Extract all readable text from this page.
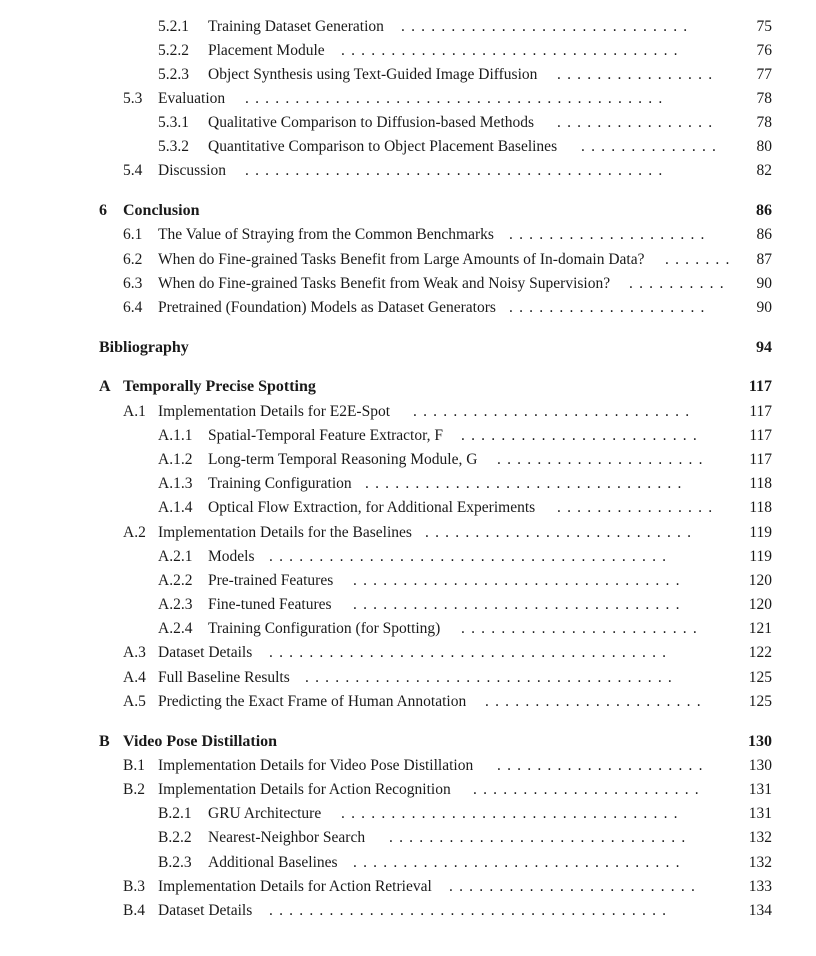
5.2.1 Training Dataset Generation	75
.  .  .  .  .  .  .  .  .  .  .  .  .  .  .  .  .  .  .  .  .  .  .  .  .  .  .  .  .  
5.2.2 Placement Module	76
.  .  .  .  .  .  .  .  .  .  .  .  .  .  .  .  .  .  .  .  .  .  .  .  .  .  .  .  .  .  .  .  .  .  
5.2.3 Object Synthesis using Text-Guided Image Diffusion	77
.  .  .  .  .  .  .  .  .  .  .  .  .  .  .  .  
5.3 Evaluation	78
.  .  .  .  .  .  .  .  .  .  .  .  .  .  .  .  .  .  .  .  .  .  .  .  .  .  .  .  .  .  .  .  .  .  .  .  .  .  .  .  .  .  
5.3.1 Qualitative Comparison to Diffusion-based Methods	78
.  .  .  .  .  .  .  .  .  .  .  .  .  .  .  .  
5.3.2 Quantitative Comparison to Object Placement Baselines	80
.  .  .  .  .  .  .  .  .  .  .  .  .  .  
5.4 Discussion	82
.  .  .  .  .  .  .  .  .  .  .  .  .  .  .  .  .  .  .  .  .  .  .  .  .  .  .  .  .  .  .  .  .  .  .  .  .  .  .  .  .  .  
6 Conclusion	86
6.1 The Value of Straying from the Common Benchmarks	86
.  .  .  .  .  .  .  .  .  .  .  .  .  .  .  .  .  .  .  .  
6.2 When do Fine-grained Tasks Benefit from Large Amounts of In-domain Data?	87
.  .  .  .  .  .  .  
6.3 When do Fine-grained Tasks Benefit from Weak and Noisy Supervision?	90
.  .  .  .  .  .  .  .  .  .  
6.4 Pretrained (Foundation) Models as Dataset Generators	90
.  .  .  .  .  .  .  .  .  .  .  .  .  .  .  .  .  .  .  .  
Bibliography	94
A Temporally Precise Spotting	117
A.1 Implementation Details for E2E-Spot	117
.  .  .  .  .  .  .  .  .  .  .  .  .  .  .  .  .  .  .  .  .  .  .  .  .  .  .  .  
A.1.1 Spatial-Temporal Feature Extractor, F	117
.  .  .  .  .  .  .  .  .  .  .  .  .  .  .  .  .  .  .  .  .  .  .  .  
A.1.2 Long-term Temporal Reasoning Module, G	117
.  .  .  .  .  .  .  .  .  .  .  .  .  .  .  .  .  .  .  .  .  
A.1.3 Training Configuration	118
.  .  .  .  .  .  .  .  .  .  .  .  .  .  .  .  .  .  .  .  .  .  .  .  .  .  .  .  .  .  .  .  
A.1.4 Optical Flow Extraction, for Additional Experiments	118
.  .  .  .  .  .  .  .  .  .  .  .  .  .  .  .  
A.2 Implementation Details for the Baselines	119
.  .  .  .  .  .  .  .  .  .  .  .  .  .  .  .  .  .  .  .  .  .  .  .  .  .  .  
A.2.1 Models	119
.  .  .  .  .  .  .  .  .  .  .  .  .  .  .  .  .  .  .  .  .  .  .  .  .  .  .  .  .  .  .  .  .  .  .  .  .  .  .  .  
A.2.2 Pre-trained Features	120
.  .  .  .  .  .  .  .  .  .  .  .  .  .  .  .  .  .  .  .  .  .  .  .  .  .  .  .  .  .  .  .  .  
A.2.3 Fine-tuned Features	120
.  .  .  .  .  .  .  .  .  .  .  .  .  .  .  .  .  .  .  .  .  .  .  .  .  .  .  .  .  .  .  .  .  
A.2.4 Training Configuration (for Spotting)	121
.  .  .  .  .  .  .  .  .  .  .  .  .  .  .  .  .  .  .  .  .  .  .  .  
A.3 Dataset Details	122
.  .  .  .  .  .  .  .  .  .  .  .  .  .  .  .  .  .  .  .  .  .  .  .  .  .  .  .  .  .  .  .  .  .  .  .  .  .  .  .  
A.4 Full Baseline Results	125
.  .  .  .  .  .  .  .  .  .  .  .  .  .  .  .  .  .  .  .  .  .  .  .  .  .  .  .  .  .  .  .  .  .  .  .  .  
A.5 Predicting the Exact Frame of Human Annotation	125
.  .  .  .  .  .  .  .  .  .  .  .  .  .  .  .  .  .  .  .  .  .  
B Video Pose Distillation	130
B.1 Implementation Details for Video Pose Distillation	130
.  .  .  .  .  .  .  .  .  .  .  .  .  .  .  .  .  .  .  .  .  
B.2 Implementation Details for Action Recognition	131
.  .  .  .  .  .  .  .  .  .  .  .  .  .  .  .  .  .  .  .  .  .  .  
B.2.1 GRU Architecture	131
.  .  .  .  .  .  .  .  .  .  .  .  .  .  .  .  .  .  .  .  .  .  .  .  .  .  .  .  .  .  .  .  .  .  
B.2.2 Nearest-Neighbor Search	132
.  .  .  .  .  .  .  .  .  .  .  .  .  .  .  .  .  .  .  .  .  .  .  .  .  .  .  .  .  .  
B.2.3 Additional Baselines	132
.  .  .  .  .  .  .  .  .  .  .  .  .  .  .  .  .  .  .  .  .  .  .  .  .  .  .  .  .  .  .  .  .  
B.3 Implementation Details for Action Retrieval	133
.  .  .  .  .  .  .  .  .  .  .  .  .  .  .  .  .  .  .  .  .  .  .  .  .  
B.4 Dataset Details	134
.  .  .  .  .  .  .  .  .  .  .  .  .  .  .  .  .  .  .  .  .  .  .  .  .  .  .  .  .  .  .  .  .  .  .  .  .  .  .  .  
